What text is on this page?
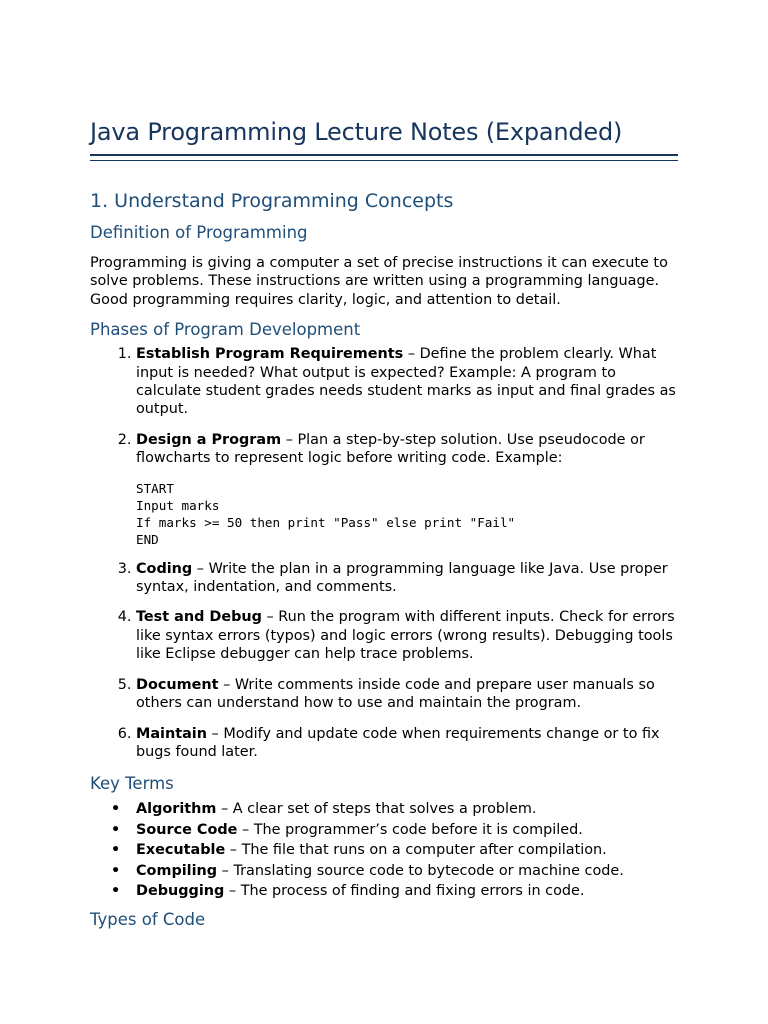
Java Programming Lecture Notes (Expanded)
1. Understand Programming Concepts
Definition of Programming

Programming is giving a computer a set of precise instructions it can execute to solve problems. These instructions are written using a programming language. Good programming requires clarity, logic, and attention to detail.

Phases of Program Development
1. Establish Program Requirements – Define the problem clearly. What input is needed? What output is expected? Example: A program to calculate student grades needs student marks as input and final grades as output.
2. Design a Program – Plan a step-by-step solution. Use pseudocode or flowcharts to represent logic before writing code. Example:
START
Input marks
If marks >= 50 then print "Pass" else print "Fail"
END
3. Coding – Write the plan in a programming language like Java. Use proper syntax, indentation, and comments.
4. Test and Debug – Run the program with different inputs. Check for errors like syntax errors (typos) and logic errors (wrong results). Debugging tools like Eclipse debugger can help trace problems.
5. Document – Write comments inside code and prepare user manuals so others can understand how to use and maintain the program.
6. Maintain – Modify and update code when requirements change or to fix bugs found later.
Key Terms
• Algorithm – A clear set of steps that solves a problem.
• Source Code – The programmer’s code before it is compiled.
• Executable – The file that runs on a computer after compilation.
• Compiling – Translating source code to bytecode or machine code.
• Debugging – The process of finding and fixing errors in code.
Types of Code
